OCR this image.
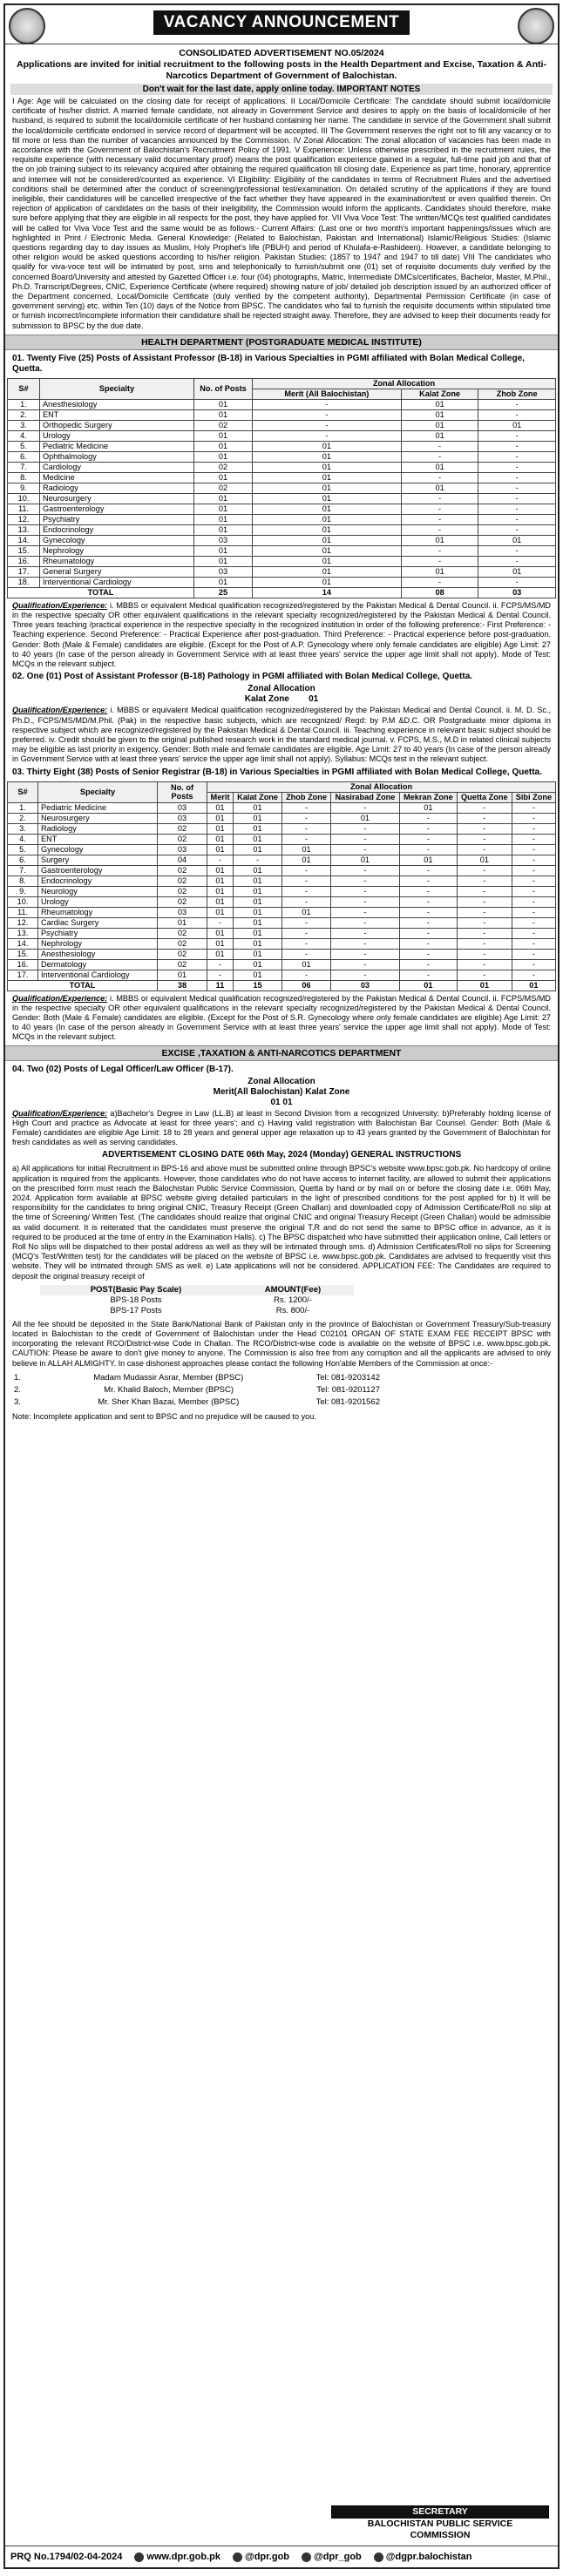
VACANCY ANNOUNCEMENT
CONSOLIDATED ADVERTISEMENT NO.05/2024
Applications are invited for initial recruitment to the following posts in the Health Department and Excise, Taxation & Anti-Narcotics Department of Government of Balochistan.
Don't wait for the last date, apply online today. IMPORTANT NOTES
I Age: Age will be calculated on the closing date for receipt of applications. II Local/Domicile Certificate: The candidate should submit local/domicile certificate of his/her district. A married female candidate, not already in Government Service and desires to apply on the basis of local/domicile of her husband, is required to submit the local/domicile certificate of her husband containing her name. The candidate in service of the Government shall submit the local/domicile certificate endorsed in service record of department will be accepted. III The Government reserves the right not to fill any vacancy or to fill more or less than the number of vacancies announced by the Commission. IV Zonal Allocation: The zonal allocation of vacancies has been made in accordance with the Government of Balochistan's Recruitment Policy of 1991. V Experience: Unless otherwise prescribed in the recruitment rules, the requisite experience (with necessary valid documentary proof) means the post qualification experience gained in a regular, full-time paid job and that of the on job training subject to its relevancy acquired after obtaining the required qualification till closing date. Experience as part time, honorary, apprentice and internee will not be considered/counted as experience. VI Eligibility: Eligibility of the candidates in terms of Recruitment Rules and the advertised conditions shall be determined after the conduct of screening/professional test/examination. On detailed scrutiny of the applications if they are found ineligible, their candidatures will be cancelled irrespective of the fact whether they have appeared in the examination/test or even qualified therein. On rejection of application of candidates on the basis of their ineligibility, the Commission would inform the applicants. Candidates should therefore, make sure before applying that they are eligible in all respects for the post, they have applied for. VII Viva Voce Test: The written/MCQs test qualified candidates will be called for Viva Voce Test and the same would be as follows:- Current Affairs: (Last one or two month's important happenings/issues which are highlighted in Print / Electronic Media. General Knowledge: (Related to Balochistan, Pakistan and International) Islamic/Religious Studies: (Islamic questions regarding day to day issues as Muslim, Holy Prophet's life (PBUH) and period of Khulafa-e-Rashideen). However, a candidate belonging to other religion would be asked questions according to his/her religion. Pakistan Studies: (1857 to 1947 and 1947 to till date) VIII The candidates who qualify for viva-voce test will be intimated by post, sms and telephonically to furnish/submit one (01) set of requisite documents duly verified by the concerned Board/University and attested by Gazetted Officer i.e. four (04) photographs, Matric, Intermediate DMCs/certificates, Bachelor, Master, M.Phil., Ph.D. Transcript/Degrees, CNIC, Experience Certificate (where required) showing nature of job/ detailed job description issued by an authorized officer of the Department concerned, Local/Domicile Certificate (duly verified by the competent authority), Departmental Permission Certificate (in case of government serving) etc. within Ten (10) days of the Notice from BPSC. The candidates who fail to furnish the requisite documents within stipulated time or furnish incorrect/incomplete information their candidature shall be rejected straight away. Therefore, they are advised to keep their documents ready for submission to BPSC by the due date.
HEALTH DEPARTMENT (POSTGRADUATE MEDICAL INSTITUTE)
01. Twenty Five (25) Posts of Assistant Professor (B-18) in Various Specialties in PGMI affiliated with Bolan Medical College, Quetta.
S#	Specialty	No. of Posts	Zonal Allocation		
			Merit (All Balochistan)	Kalat Zone	Zhob Zone
1.	Anesthesiology	01	-	01	-
2.	ENT	01	-	01	-
3.	Orthopedic Surgery	02	-	01	01
4.	Urology	01	-	01	-
5.	Pediatric Medicine	01	01	-	-
6.	Ophthalmology	01	01	-	-
7.	Cardiology	02	01	01	-
8.	Medicine	01	01	-	-
9.	Radiology	02	01	01	-
10.	Neurosurgery	01	01	-	-
11.	Gastroenterology	01	01	-	-
12.	Psychiatry	01	01	-	-
13.	Endocrinology	01	01	-	-
14.	Gynecology	03	01	01	01
15.	Nephrology	01	01	-	-
16.	Rheumatology	01	01	-	-
17.	General Surgery	03	01	01	01
18.	Interventional Cardiology	01	01	-	-
TOTAL		25	14	08	03
Qualification/Experience: i. MBBS or equivalent Medical qualification recognized/registered by the Pakistan Medical & Dental Council. ii. FCPS/MS/MD in the respective specialty OR other equivalent qualifications in the relevant specialty recognized/registered by the Pakistan Medical & Dental Council. Three years teaching /practical experience in the respective specialty in the recognized institution in order of the following preference:- First Preference: - Teaching experience. Second Preference: - Practical Experience after post-graduation. Third Preference: - Practical experience before post-graduation. Gender: Both (Male & Female) candidates are eligible. (Except for the Post of A.P. Gynecology where only female candidates are eligible) Age Limit: 27 to 40 years (In case of the person already in Government Service with at least three years' service the upper age limit shall not apply). Mode of Test: MCQs in the relevant subject.
02. One (01) Post of Assistant Professor (B-18) Pathology in PGMI affiliated with Bolan Medical College, Quetta.
Zonal Allocation
Kalat Zone 01
Qualification/Experience: i. MBBS or equivalent Medical qualification recognized/registered by the Pakistan Medical and Dental Council. ii. M. D. Sc., Ph.D., FCPS/MS/MD/M.Phil. (Pak) in the respective basic subjects, which are recognized/ Regd: by P.M &D.C. OR Postgraduate minor diploma in respective subject which are recognized/registered by the Pakistan Medical & Dental Council. iii. Teaching experience in relevant basic subject should be preferred. iv. Credit should be given to the original published research work in the standard medical journal. v. FCPS, M.S., M.D in related clinical subjects may be eligible as last priority in exigency. Gender: Both male and female candidates are eligible. Age Limit: 27 to 40 years (In case of the person already in Government Service with at least three years' service the upper age limit shall not apply). Syllabus: MCQs test in the relevant subject.
03. Thirty Eight (38) Posts of Senior Registrar (B-18) in Various Specialties in PGMI affiliated with Bolan Medical College, Quetta.
S#	Specialty	No. of Posts	Zonal Allocation						
			Merit	Kalat Zone	Zhob Zone	Nasirabad Zone	Mekran Zone	Quetta Zone	Sibi Zone
1.	Pediatric Medicine	03	01	01	-	-	01	-	-
2.	Neurosurgery	03	01	01	-	01	-	-	-
3.	Radiology	02	01	01	-	-	-	-	-
4.	ENT	02	01	01	-	-	-	-	-
5.	Gynecology	03	01	01	01	-	-	-	-
6.	Surgery	04	-	-	01	01	01	01	-
7.	Gastroenterology	02	01	01	-	-	-	-	-
8.	Endocrinology	02	01	01	-	-	-	-	-
9.	Neurology	02	01	01	-	-	-	-	-
10.	Urology	02	01	01	-	-	-	-	-
11.	Rheumatology	03	01	01	01	-	-	-	-
12.	Cardiac Surgery	01	-	01	-	-	-	-	-
13.	Psychiatry	02	01	01	-	-	-	-	-
14.	Nephrology	02	01	01	-	-	-	-	-
15.	Anesthesiology	02	01	01	-	-	-	-	-
16.	Dermatology	02	-	01	01	-	-	-	-
17.	Interventional Cardiology	01	-	01	-	-	-	-	-
TOTAL		38	11	15	06	03	01	01	01
Qualification/Experience: i. MBBS or equivalent Medical qualification recognized/registered by the Pakistan Medical & Dental Council. ii. FCPS/MS/MD in the respective specialty OR other equivalent qualifications in the relevant specialty recognized/registered by the Pakistan Medical & Dental Council. Gender: Both (Male & Female) candidates are eligible. (Except for the Post of S.R. Gynecology where only female candidates are eligible) Age Limit: 27 to 40 years (In case of the person already in Government Service with at least three years' service the upper age limit shall not apply). Mode of Test: MCQs in the relevant subject.
EXCISE ,TAXATION & ANTI-NARCOTICS DEPARTMENT
04. Two (02) Posts of Legal Officer/Law Officer (B-17).
Zonal Allocation
Merit(All Balochistan) Kalat Zone
01 01
Qualification/Experience: a)Bachelor's Degree in Law (LL.B) at least in Second Division from a recognized University; b)Preferably holding license of High Court and practice as Advocate at least for three years'; and c) Having valid registration with Balochistan Bar Counsel. Gender: Both (Male & Female) candidates are eligible Age Limit: 18 to 28 years and general upper age relaxation up to 43 years granted by the Government of Balochistan for fresh candidates as well as serving candidates.
ADVERTISEMENT CLOSING DATE 06th May, 2024 (Monday) GENERAL INSTRUCTIONS
a) All applications for initial Recruitment in BPS-16 and above must be submitted online through BPSC's website www.bpsc.gob.pk. No hardcopy of online application is required from the applicants. However, those candidates who do not have access to internet facility, are allowed to submit their applications on the prescribed form must reach the Balochistan Public Service Commission, Quetta by hand or by mail on or before the closing date i.e. 06th May, 2024. Application form available at BPSC website giving detailed particulars in the light of prescribed conditions for the post applied for b) It will be responsibility for the candidates to bring original CNIC, Treasury Receipt (Green Challan) and downloaded copy of Admission Certificate/Roll no slip at the time of Screening/ Written Test. (The candidates should realize that original CNIC and original Treasury Receipt (Green Challan) would be admissible as valid document. It is reiterated that the candidates must preserve the original T.R and do not send the same to BPSC office in advance, as it is required to be produced at the time of entry in the Examination Halls). c) The BPSC dispatched who have submitted their application online, Call letters or Roll No slips will be dispatched to their postal address as well as they will be intimated through sms. d) Admission Certificates/Roll no slips for Screening (MCQ's Test/Written test) for the candidates will be placed on the website of BPSC i.e. www.bpsc.gob.pk. Candidates are advised to frequently visit this website. They will be intimated through SMS as well. e) Late applications will not be considered. APPLICATION FEE: The Candidates are required to deposit the original treasury receipt of
POST(Basic Pay Scale)	AMOUNT(Fee)
BPS-18 Posts	Rs. 1200/-
BPS-17 Posts	Rs. 800/-
All the fee should be deposited in the State Bank/National Bank of Pakistan only in the province of Balochistan or Government Treasury/Sub-treasury located in Balochistan to the credit of Government of Balochistan under the Head C02101 ORGAN OF STATE EXAM FEE RECEIPT BPSC with incorporating the relevant RCO/District-wise Code in Challan. The RCO/District-wise code is available on the website of BPSC i.e. www.bpsc.gob.pk. CAUTION: Please be aware to don't give money to anyone. The Commission is also free from any corruption and all the applicants are advised to only believe in ALLAH ALMIGHTY. In case dishonest approaches please contact the following Hon'able Members of the Commission at once:-
1.	Madam Mudassir Asrar, Member (BPSC)	Tel: 081-9203142
2.	Mr. Khalid Baloch, Member (BPSC)	Tel: 081-9201127
3.	Mr. Sher Khan Bazai, Member (BPSC)	Tel: 081-9201562
Note: Incomplete application and sent to BPSC and no prejudice will be caused to you.
SECRETARY
BALOCHISTAN PUBLIC SERVICE
COMMISSION
PRQ No.1794/02-04-2024	www.dpr.gob.pk	@dpr.gob	@dpr_gob	@dgpr.balochistan
